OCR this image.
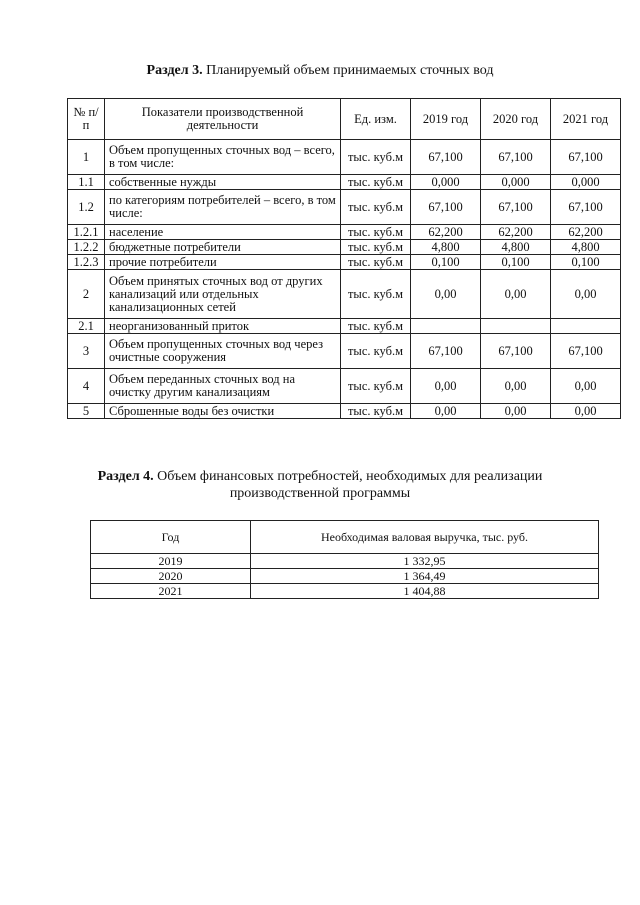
Раздел 3. Планируемый объем принимаемых сточных вод
№ п/п	Показатели производственной деятельности	Ед. изм.	2019 год	2020 год	2021 год
1	Объем пропущенных сточных вод – всего, в том числе:	тыс. куб.м	67,100	67,100	67,100
1.1	собственные нужды	тыс. куб.м	0,000	0,000	0,000
1.2	по категориям потребителей – всего, в том числе:	тыс. куб.м	67,100	67,100	67,100
1.2.1	население	тыс. куб.м	62,200	62,200	62,200
1.2.2	бюджетные потребители	тыс. куб.м	4,800	4,800	4,800
1.2.3	прочие потребители	тыс. куб.м	0,100	0,100	0,100
2	Объем принятых сточных вод от других канализаций или отдельных канализационных сетей	тыс. куб.м	0,00	0,00	0,00
2.1	неорганизованный приток	тыс. куб.м			
3	Объем пропущенных сточных вод через очистные сооружения	тыс. куб.м	67,100	67,100	67,100
4	Объем переданных сточных вод на очистку другим канализациям	тыс. куб.м	0,00	0,00	0,00
5	Сброшенные воды без очистки	тыс. куб.м	0,00	0,00	0,00
Раздел 4. Объем финансовых потребностей, необходимых для реализации
производственной программы
Год	Необходимая валовая выручка, тыс. руб.
2019	1 332,95
2020	1 364,49
2021	1 404,88
